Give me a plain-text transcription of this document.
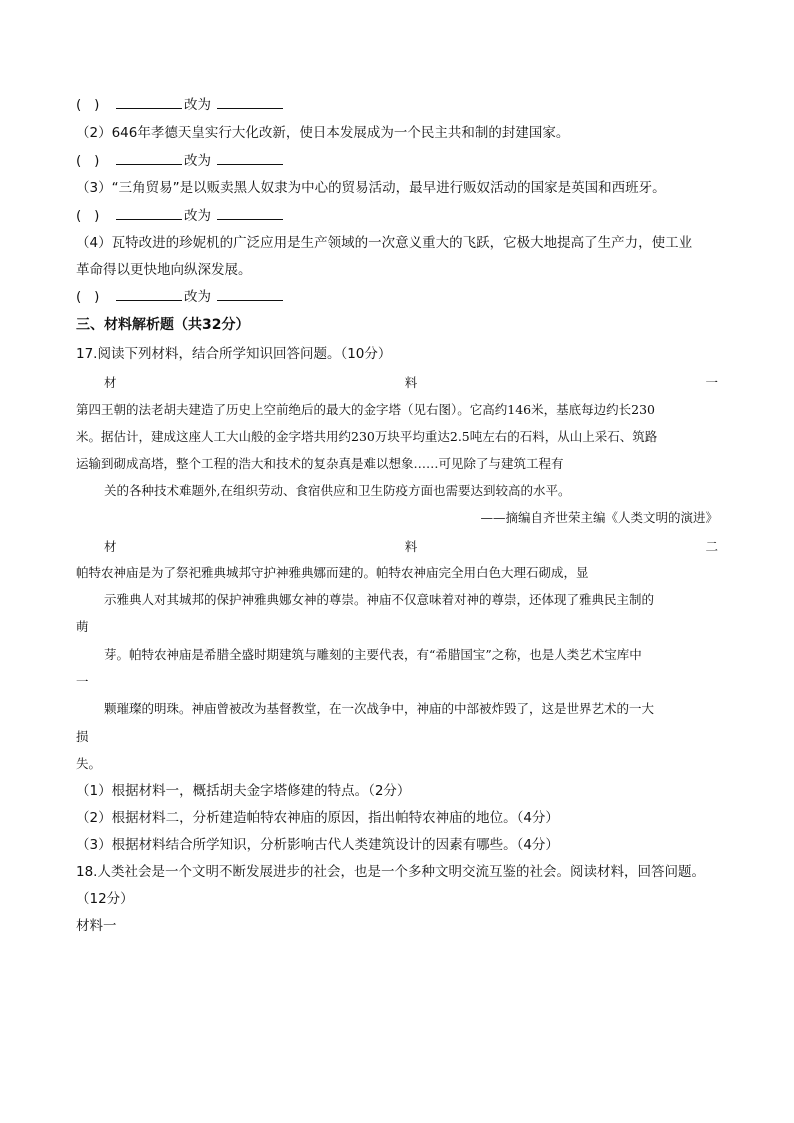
(   )	改为
（2）646年孝德天皇实行大化改新，使日本发展成为一个民主共和制的封建国家。
(   )	改为
（3）“三角贸易”是以贩卖黑人奴隶为中心的贸易活动，最早进行贩奴活动的国家是英国和西班牙。
(   )	改为
（4）瓦特改进的珍妮机的广泛应用是生产领域的一次意义重大的飞跃，它极大地提高了生产力，使工业
革命得以更快地向纵深发展。
(   )	改为
三、材料解析题（共32分）
17.阅读下列材料，结合所学知识回答问题。（10分）
材	料	一
第四王朝的法老胡夫建造了历史上空前绝后的最大的金字塔（见右图）。它高约146米，基底每边约长230
米。据估计，建成这座人工大山般的金字塔共用约230万块平均重达2.5吨左右的石料，从山上采石、筑路
运输到砌成高塔，整个工程的浩大和技术的复杂真是难以想象……可见除了与建筑工程有
关的各种技术难题外,在组织劳动、食宿供应和卫生防疫方面也需要达到较高的水平。
——摘编自齐世荣主编《人类文明的演进》
材	料	二
帕特农神庙是为了祭祀雅典城邦守护神雅典娜而建的。帕特农神庙完全用白色大理石砌成，显
示雅典人对其城邦的保护神雅典娜女神的尊崇。神庙不仅意味着对神的尊崇，还体现了雅典民主制的
萌
芽。帕特农神庙是希腊全盛时期建筑与雕刻的主要代表，有“希腊国宝”之称，也是人类艺术宝库中
一
颗璀璨的明珠。神庙曾被改为基督教堂，在一次战争中，神庙的中部被炸毁了，这是世界艺术的一大
损
失。
（1）根据材料一，概括胡夫金字塔修建的特点。（2分）
（2）根据材料二，分析建造帕特农神庙的原因，指出帕特农神庙的地位。（4分）
（3）根据材料结合所学知识，分析影响古代人类建筑设计的因素有哪些。（4分）
18.人类社会是一个文明不断发展进步的社会，也是一个多种文明交流互鉴的社会。阅读材料，回答问题。
（12分）
材料一
